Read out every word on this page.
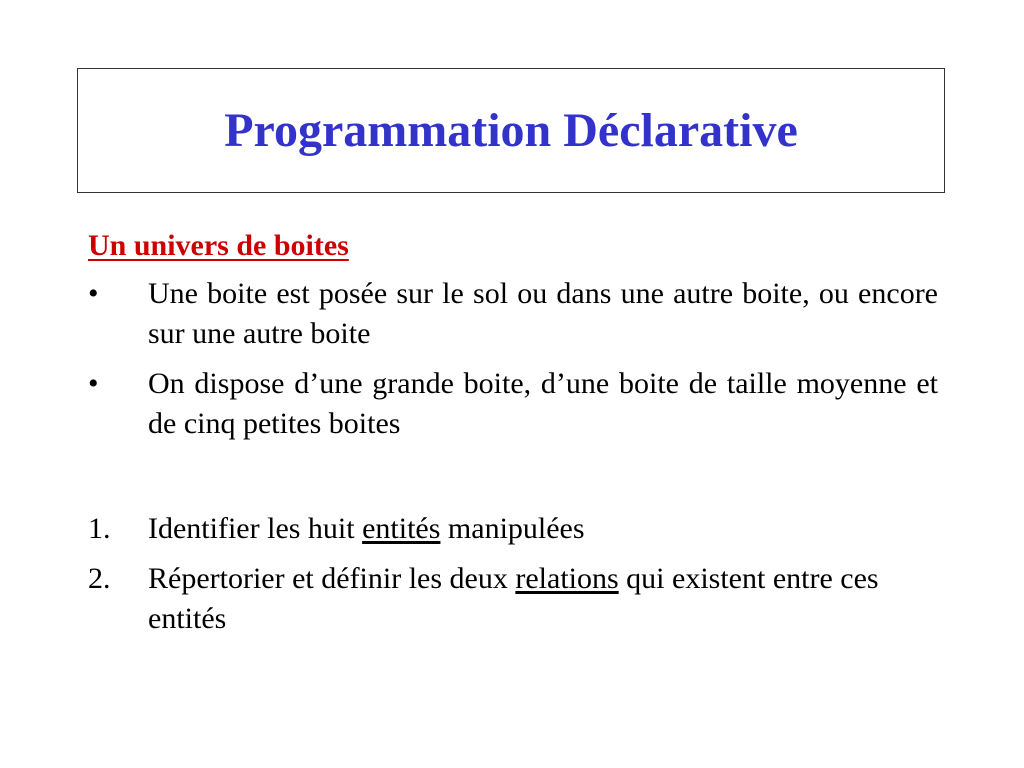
Programmation Déclarative
Un univers de boites
•	Une boite est posée sur le sol ou dans une autre boite, ou encore sur une autre boite
•	On dispose d’une grande boite, d’une boite de taille moyenne et de cinq petites boites
1.	Identifier les huit entités manipulées
2.	Répertorier et définir les deux relations qui existent entre ces entités
